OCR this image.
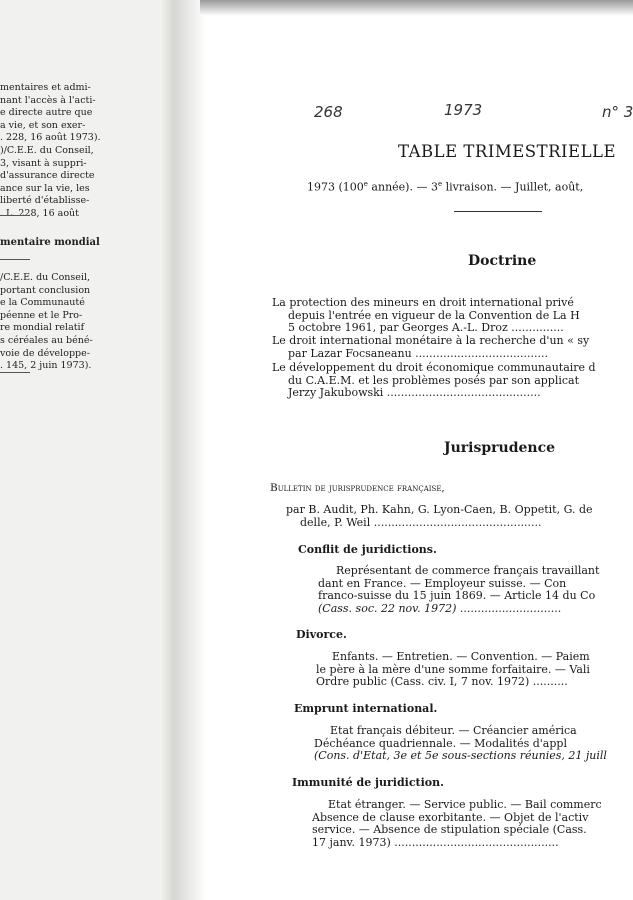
mentaires et admi-
nant l'accès à l'acti-
e directe autre que
a vie, et son exer-
. 228, 16 août 1973).
)/C.E.E. du Conseil,
3, visant à suppri-
d'assurance directe
ance sur la vie, les
liberté d'établisse-
. L. 228, 16 août
mentaire mondial
/C.E.E. du Conseil,
portant conclusion
e la Communauté
péenne et le Pro-
re mondial relatif
s céréales au béné-
voie de développe-
. 145, 2 juin 1973).
268	1973	n° 3
TABLE TRIMESTRIELLE
1973 (100e année). — 3e livraison. — Juillet, août,
Doctrine
La protection des mineurs en droit international privé
depuis l'entrée en vigueur de la Convention de La H
5 octobre 1961, par Georges A.-L. Droz ...............
Le droit international monétaire à la recherche d'un « sy
par Lazar Focsaneanu ......................................
Le développement du droit économique communautaire d
du C.A.E.M. et les problèmes posés par son applicat
Jerzy Jakubowski ............................................
Jurisprudence
Bulletin de jurisprudence française,
par B. Audit, Ph. Kahn, G. Lyon-Caen, B. Oppetit, G. de
delle, P. Weil ................................................
Conflit de juridictions.
Représentant de commerce français travaillant
dant en France. — Employeur suisse. — Con
franco-suisse du 15 juin 1869. — Article 14 du Co
(Cass. soc. 22 nov. 1972) .............................
Divorce.
Enfants. — Entretien. — Convention. — Paiem
le père à la mère d'une somme forfaitaire. — Vali
Ordre public (Cass. civ. I, 7 nov. 1972) ..........
Emprunt international.
Etat français débiteur. — Créancier américa
Déchéance quadriennale. — Modalités d'appl
(Cons. d'Etat, 3e et 5e sous-sections réunies, 21 juill
Immunité de juridiction.
Etat étranger. — Service public. — Bail commerc
Absence de clause exorbitante. — Objet de l'activ
service. — Absence de stipulation spéciale (Cass.
17 janv. 1973) ...............................................
